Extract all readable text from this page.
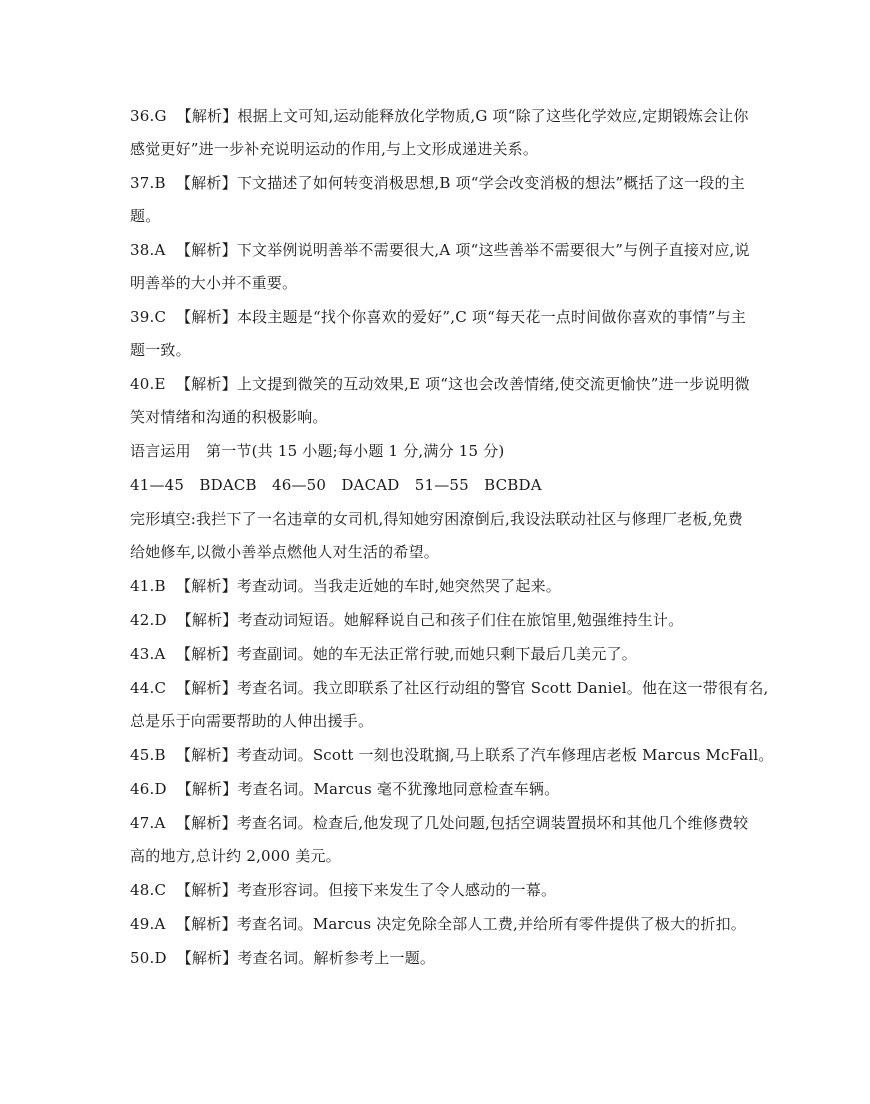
36.G 【解析】根据上文可知,运动能释放化学物质,G 项“除了这些化学效应,定期锻炼会让你
感觉更好”进一步补充说明运动的作用,与上文形成递进关系。
37.B 【解析】下文描述了如何转变消极思想,B 项“学会改变消极的想法”概括了这一段的主
题。
38.A 【解析】下文举例说明善举不需要很大,A 项“这些善举不需要很大”与例子直接对应,说
明善举的大小并不重要。
39.C 【解析】本段主题是“找个你喜欢的爱好”,C 项“每天花一点时间做你喜欢的事情”与主
题一致。
40.E 【解析】上文提到微笑的互动效果,E 项“这也会改善情绪,使交流更愉快”进一步说明微
笑对情绪和沟通的积极影响。
语言运用　第一节(共 15 小题;每小题 1 分,满分 15 分)
41—45　BDACB　46—50　DACAD　51—55　BCBDA
完形填空:我拦下了一名违章的女司机,得知她穷困潦倒后,我设法联动社区与修理厂老板,免费
给她修车,以微小善举点燃他人对生活的希望。
41.B 【解析】考查动词。当我走近她的车时,她突然哭了起来。
42.D 【解析】考查动词短语。她解释说自己和孩子们住在旅馆里,勉强维持生计。
43.A 【解析】考查副词。她的车无法正常行驶,而她只剩下最后几美元了。
44.C 【解析】考查名词。我立即联系了社区行动组的警官 Scott Daniel。他在这一带很有名,
总是乐于向需要帮助的人伸出援手。
45.B 【解析】考查动词。Scott 一刻也没耽搁,马上联系了汽车修理店老板 Marcus McFall。
46.D 【解析】考查名词。Marcus 毫不犹豫地同意检查车辆。
47.A 【解析】考查名词。检查后,他发现了几处问题,包括空调装置损坏和其他几个维修费较
高的地方,总计约 2,000 美元。
48.C 【解析】考查形容词。但接下来发生了令人感动的一幕。
49.A 【解析】考查名词。Marcus 决定免除全部人工费,并给所有零件提供了极大的折扣。
50.D 【解析】考查名词。解析参考上一题。
